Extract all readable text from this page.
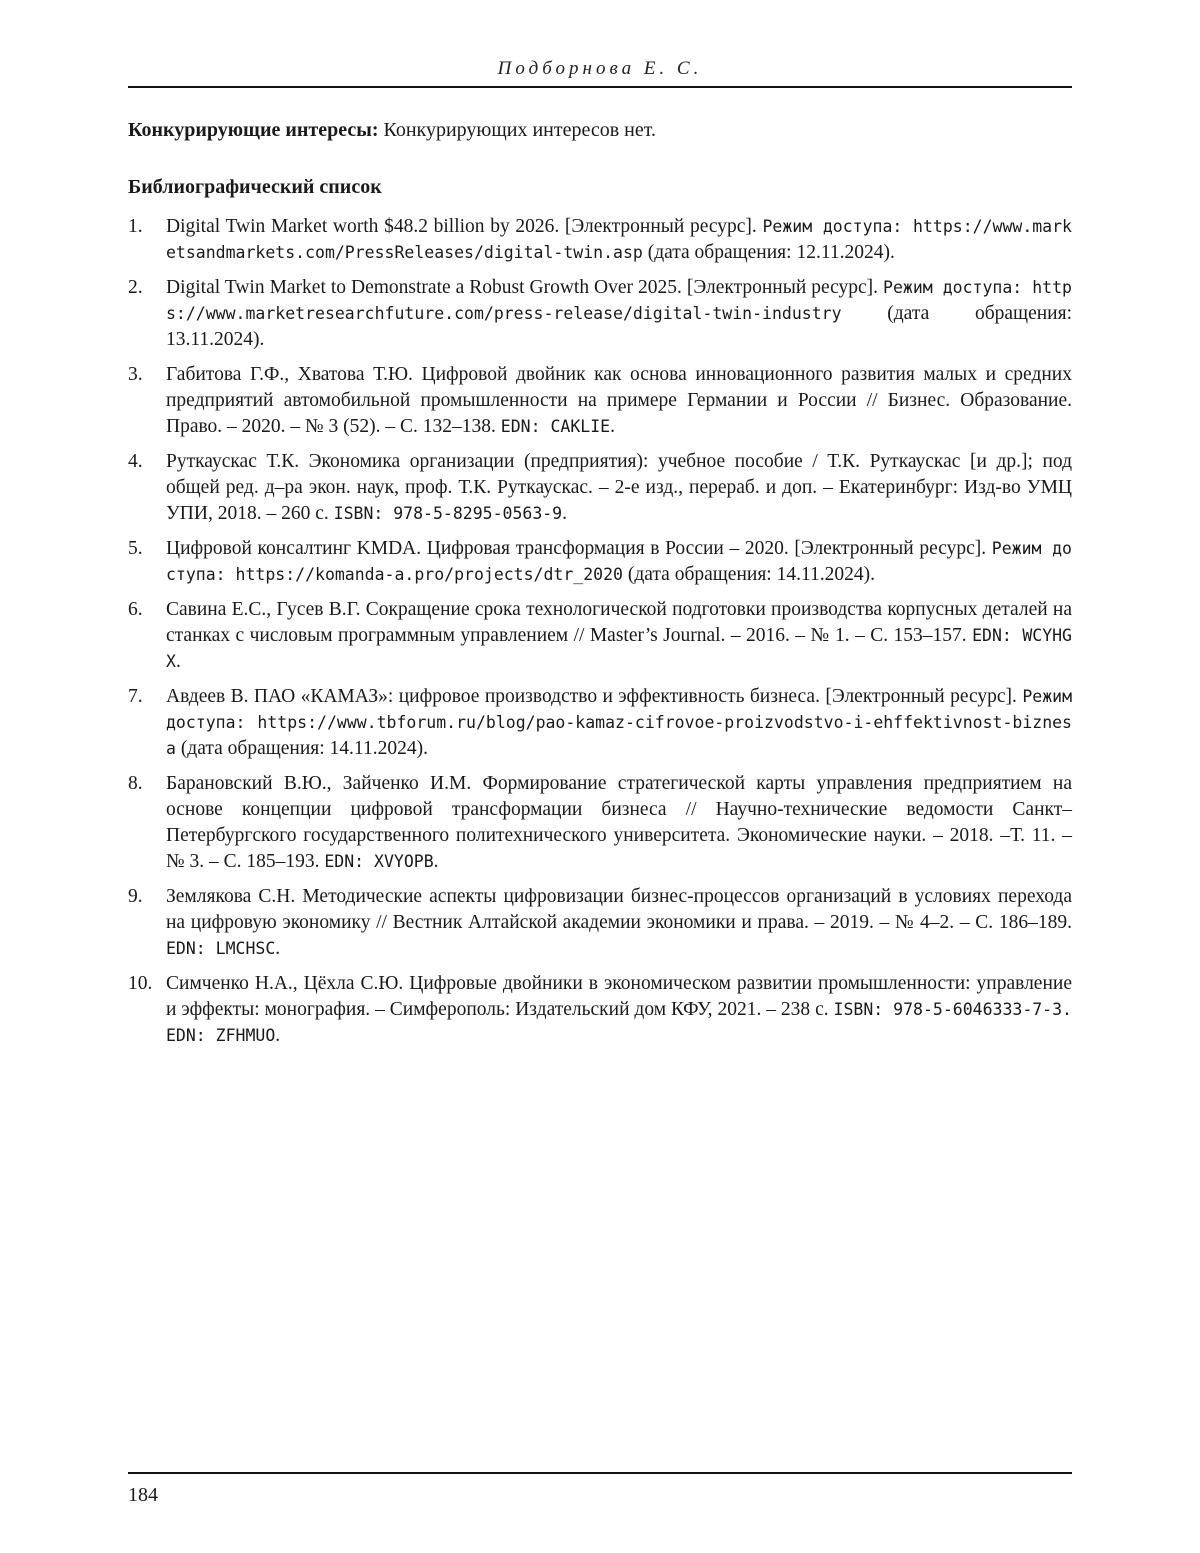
Подборнова Е. С.

Конкурирующие интересы: Конкурирующих интересов нет.

Библиографический список
1.	Digital Twin Market worth $48.2 billion by 2026. [Электронный ресурс]. Режим доступа: https://www.marketsandmarkets.com/PressReleases/digital-twin.asp (дата обращения: 12.11.2024).
2.	Digital Twin Market to Demonstrate a Robust Growth Over 2025. [Электронный ресурс]. Режим доступа: https://www.marketresearchfuture.com/press-release/digital-twin-industry (дата обращения: 13.11.2024).
3.	Габитова Г.Ф., Хватова Т.Ю. Цифровой двойник как основа инновационного развития малых и средних предприятий автомобильной промышленности на примере Германии и России // Бизнес. Образование. Право. – 2020. – № 3 (52). – С. 132–138. EDN: CAKLIE.
4.	Руткаускас Т.К. Экономика организации (предприятия): учебное пособие / Т.К. Руткаускас [и др.]; под общей ред. д–ра экон. наук, проф. Т.К. Руткаускас. – 2-е изд., перераб. и доп. – Екатеринбург: Изд-во УМЦ УПИ, 2018. – 260 с. ISBN: 978-5-8295-0563-9.
5.	Цифровой консалтинг KMDA. Цифровая трансформация в России – 2020. [Электронный ресурс]. Режим доступа: https://komanda-a.pro/projects/dtr_2020 (дата обращения: 14.11.2024).
6.	Савина Е.С., Гусев В.Г. Сокращение срока технологической подготовки производства корпусных деталей на станках с числовым программным управлением // Master’s Journal. – 2016. – № 1. – С. 153–157. EDN: WCYHGX.
7.	Авдеев В. ПАО «КАМАЗ»: цифровое производство и эффективность бизнеса. [Электронный ресурс]. Режим доступа: https://www.tbforum.ru/blog/pao-kamaz-cifrovoe-proizvodstvo-i-ehffektivnost-biznesa (дата обращения: 14.11.2024).
8.	Барановский В.Ю., Зайченко И.М. Формирование стратегической карты управления предприятием на основе концепции цифровой трансформации бизнеса // Научно-технические ведомости Санкт–Петербургского государственного политехнического университета. Экономические науки. – 2018. –Т. 11. – № 3. – С. 185–193. EDN: XVYOPB.
9.	Землякова С.Н. Методические аспекты цифровизации бизнес-процессов организаций в условиях перехода на цифровую экономику // Вестник Алтайской академии экономики и права. – 2019. – № 4–2. – С. 186–189. EDN: LMCHSC.
10. Симченко Н.А., Цёхла С.Ю. Цифровые двойники в экономическом развитии промышленности: управление и эффекты: монография. – Симферополь: Издательский дом КФУ, 2021. – 238 с. ISBN: 978-5-6046333-7-3. EDN: ZFHMUO.
184
